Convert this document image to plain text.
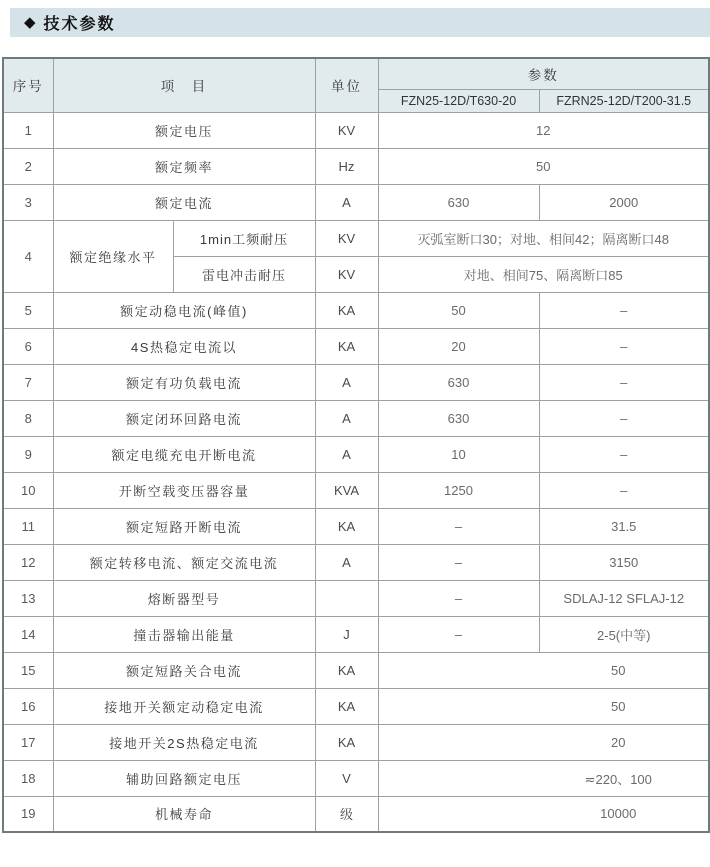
◆ 技术参数
序号	项　目		单位	参数	
				FZN25-12D/T630-20	FZRN25-12D/T200-31.5
1	额定电压		KV	12	
2	额定频率		Hz	50	
3	额定电流		A	630	2000
4	额定绝缘水平	1min工频耐压	KV	灭弧室断口30；对地、相间42；隔离断口48	
		雷电冲击耐压	KV	对地、相间75、隔离断口85	
5	额定动稳电流(峰值)		KA	50	–
6	4S热稳定电流以		KA	20	–
7	额定有功负载电流		A	630	–
8	额定闭环回路电流		A	630	–
9	额定电缆充电开断电流		A	10	–
10	开断空载变压器容量		KVA	1250	–
11	额定短路开断电流		KA	–	31.5
12	额定转移电流、额定交流电流		A	–	3150
13	熔断器型号			–	SDLAJ-12 SFLAJ-12
14	撞击器输出能量		J	–	2-5(中等)
15	额定短路关合电流		KA	50	
16	接地开关额定动稳定电流		KA	50	
17	接地开关2S热稳定电流		KA	20	
18	辅助回路额定电压		V	≂220、100	
19	机械寿命		级	10000	
